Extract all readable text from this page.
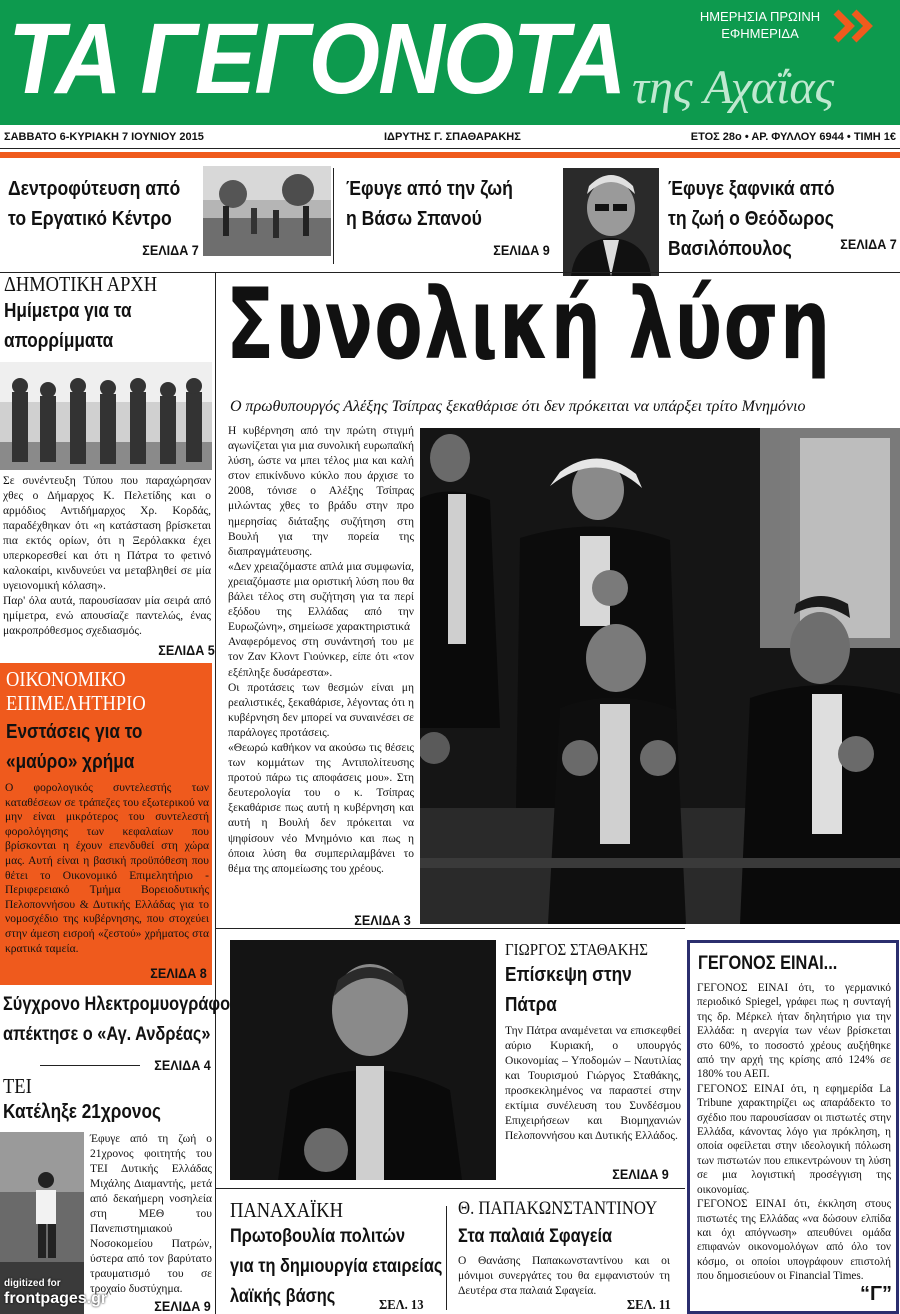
ΤΑ ΓΕΓΟΝΟΤΑ της Αχαΐας
ΗΜΕΡΗΣΙΑ ΠΡΩΙΝΗ
ΕΦΗΜΕΡΙΔΑ
ΣΑΒΒΑΤΟ 6-ΚΥΡΙΑΚΗ 7 ΙΟΥΝΙΟΥ 2015	ΙΔΡΥΤΗΣ Γ. ΣΠΑΘΑΡΑΚΗΣ	ΕΤΟΣ 28ο • ΑΡ. ΦΥΛΛΟΥ 6944 • ΤΙΜΗ 1€
Δεντροφύτευση από
το Εργατικό Κέντρο
ΣΕΛΙΔΑ 7
Έφυγε από την ζωή
η Βάσω Σπανού
ΣΕΛΙΔΑ 9
Έφυγε ξαφνικά από
τη ζωή ο Θεόδωρος
Βασιλόπουλος	ΣΕΛΙΔΑ 7
ΔΗΜΟΤΙΚΗ ΑΡΧΗ
Ημίμετρα για τα
απορρίμματα

Σε συνέντευξη Τύπου που παραχώρησαν χθες ο Δήμαρχος Κ. Πελετίδης και ο αρμόδιος Αντιδήμαρχος Χρ. Κορδάς, παραδέχθηκαν ότι «η κατάσταση βρίσκεται πια εκτός ορίων, ότι η Ξερόλακκα έχει υπερκορεσθεί και ότι η Πάτρα το φετινό καλοκαίρι, κινδυνεύει να μεταβληθεί σε μία υγειονομική κόλαση».

Παρ' όλα αυτά, παρουσίασαν μία σειρά από ημίμετρα, ενώ απουσίαζε παντελώς, ένας μακροπρόθεσμος σχεδιασμός.

ΣΕΛΙΔΑ 5
ΟΙΚΟΝΟΜΙΚΟ
ΕΠΙΜΕΛΗΤΗΡΙΟ
Ενστάσεις για το
«μαύρο» χρήμα
Ο φορολογικός συντελεστής των καταθέσεων σε τράπεζες του εξωτερικού να μην είναι μικρότερος του συντελεστή φορολόγησης των κεφαλαίων που βρίσκονται η έχουν επενδυθεί στη χώρα μας. Αυτή είναι η βασική προϋπόθεση που θέτει το Οικονομικό Επιμελητήριο - Περιφερειακό Τμήμα Βορειοδυτικής Πελοποννήσου & Δυτικής Ελλάδας για το νομοσχέδιο της κυβέρνησης, που στοχεύει στην άμεση εισροή «ζεστού» χρήματος στα κρατικά ταμεία.
ΣΕΛΙΔΑ 8
Σύγχρονο Ηλεκτρομυογράφο
απέκτησε ο «Αγ. Ανδρέας»
ΣΕΛΙΔΑ 4
ΤΕΙ
Κατέληξε 21χρονος
digitized for
frontpages.gr
Έφυγε από τη ζωή ο 21χρονος φοιτητής του ΤΕΙ Δυτικής Ελλάδας Μιχάλης Διαμαντής, μετά από δεκαήμερη νοσηλεία στη ΜΕΘ του Πανεπιστημιακού Νοσοκομείου Πατρών, ύστερα από τον βαρύτατο τραυματισμό του σε τροχαίο δυστύχημα.
ΣΕΛΙΔΑ 9
Συνολική λύση
Ο πρωθυπουργός Αλέξης Τσίπρας ξεκαθάρισε ότι δεν πρόκειται να υπάρξει τρίτο Μνημόνιο

Η κυβέρνηση από την πρώτη στιγμή αγωνίζεται για μια συνολική ευρωπαϊκή λύση, ώστε να μπει τέλος μια και καλή στον επικίνδυνο κύκλο που άρχισε το 2008, τόνισε ο Αλέξης Τσίπρας μιλώντας χθες το βράδυ στην προ ημερησίας διάταξης συζήτηση στη Βουλή για την πορεία της διαπραγμάτευσης.

«Δεν χρειαζόμαστε απλά μια συμφωνία, χρειαζόμαστε μια οριστική λύση που θα βάλει τέλος στη συζήτηση για τα περί εξόδου της Ελλάδας από την Ευρωζώνη», σημείωσε χαρακτηριστικά

Αναφερόμενος στη συνάντησή του με τον Ζαν Κλοντ Γιούνκερ, είπε ότι «τον εξέπληξε δυσάρεστα».

Οι προτάσεις των θεσμών είναι μη ρεαλιστικές, ξεκαθάρισε, λέγοντας ότι η κυβέρνηση δεν μπορεί να συναινέσει σε παράλογες προτάσεις.

«Θεωρώ καθήκον να ακούσω τις θέσεις των κομμάτων της Αντιπολίτευσης προτού πάρω τις αποφάσεις μου». Στη δευτερολογία του ο κ. Τσίπρας ξεκαθάρισε πως αυτή η κυβέρνηση και αυτή η Βουλή δεν πρόκειται να ψηφίσουν νέο Μνημόνιο και πως η όποια λύση θα συμπεριλαμβάνει το θέμα της απομείωσης του χρέους.

ΣΕΛΙΔΑ 3
ΓΙΩΡΓΟΣ ΣΤΑΘΑΚΗΣ
Επίσκεψη στην
Πάτρα
Την Πάτρα αναμένεται να επισκεφθεί αύριο Κυριακή, ο υπουργός Οικονομίας – Υποδομών – Ναυτιλίας και Τουρισμού Γιώργος Σταθάκης, προσκεκλημένος να παραστεί στην εκτίμια συνέλευση του Συνδέσμου Επιχειρήσεων και Βιομηχανιών Πελοποννήσου και Δυτικής Ελλάδος.
ΣΕΛΙΔΑ 9
ΓΕΓΟΝΟΣ ΕΙΝΑΙ...

ΓΕΓΟΝΟΣ ΕΙΝΑΙ ότι, το γερμανικό περιοδικό Spiegel, γράφει πως η συνταγή της δρ. Μέρκελ ήταν δηλητήριο για την Ελλάδα: η ανεργία των νέων βρίσκεται στο 60%, το ποσοστό χρέους αυξήθηκε από την αρχή της κρίσης από 124% σε 180% του ΑΕΠ.

ΓΕΓΟΝΟΣ ΕΙΝΑΙ ότι, η εφημερίδα La Tribune χαρακτηρίζει ως απαράδεκτο το σχέδιο που παρουσίασαν οι πιστωτές στην Ελλάδα, κάνοντας λόγο για πρόκληση, η οποία οφείλεται στην ιδεολογική πόλωση των πιστωτών που επικεντρώνουν τη λύση σε μια λογιστική προσέγγιση της οικονομίας.

ΓΕΓΟΝΟΣ ΕΙΝΑΙ ότι, έκκληση στους πιστωτές της Ελλάδας «να δώσουν ελπίδα και όχι απόγνωση» απευθύνει ομάδα επιφανών οικονομολόγων από όλο τον κόσμο, οι οποίοι υπογράφουν επιστολή που δημοσιεύουν οι Financial Times.

“Γ”
ΠΑΝΑΧΑΪΚΗ
Πρωτοβουλία πολιτών
για τη δημιουργία εταιρείας
λαϊκής βάσης	ΣΕΛ. 13
Θ. ΠΑΠΑΚΩΝΣΤΑΝΤΙΝΟΥ
Στα παλαιά Σφαγεία
Ο Θανάσης Παπακωνσταντίνου και οι μόνιμοι συνεργάτες του θα εμφανιστούν τη Δευτέρα στα παλαιά Σφαγεία.
ΣΕΛ. 11
